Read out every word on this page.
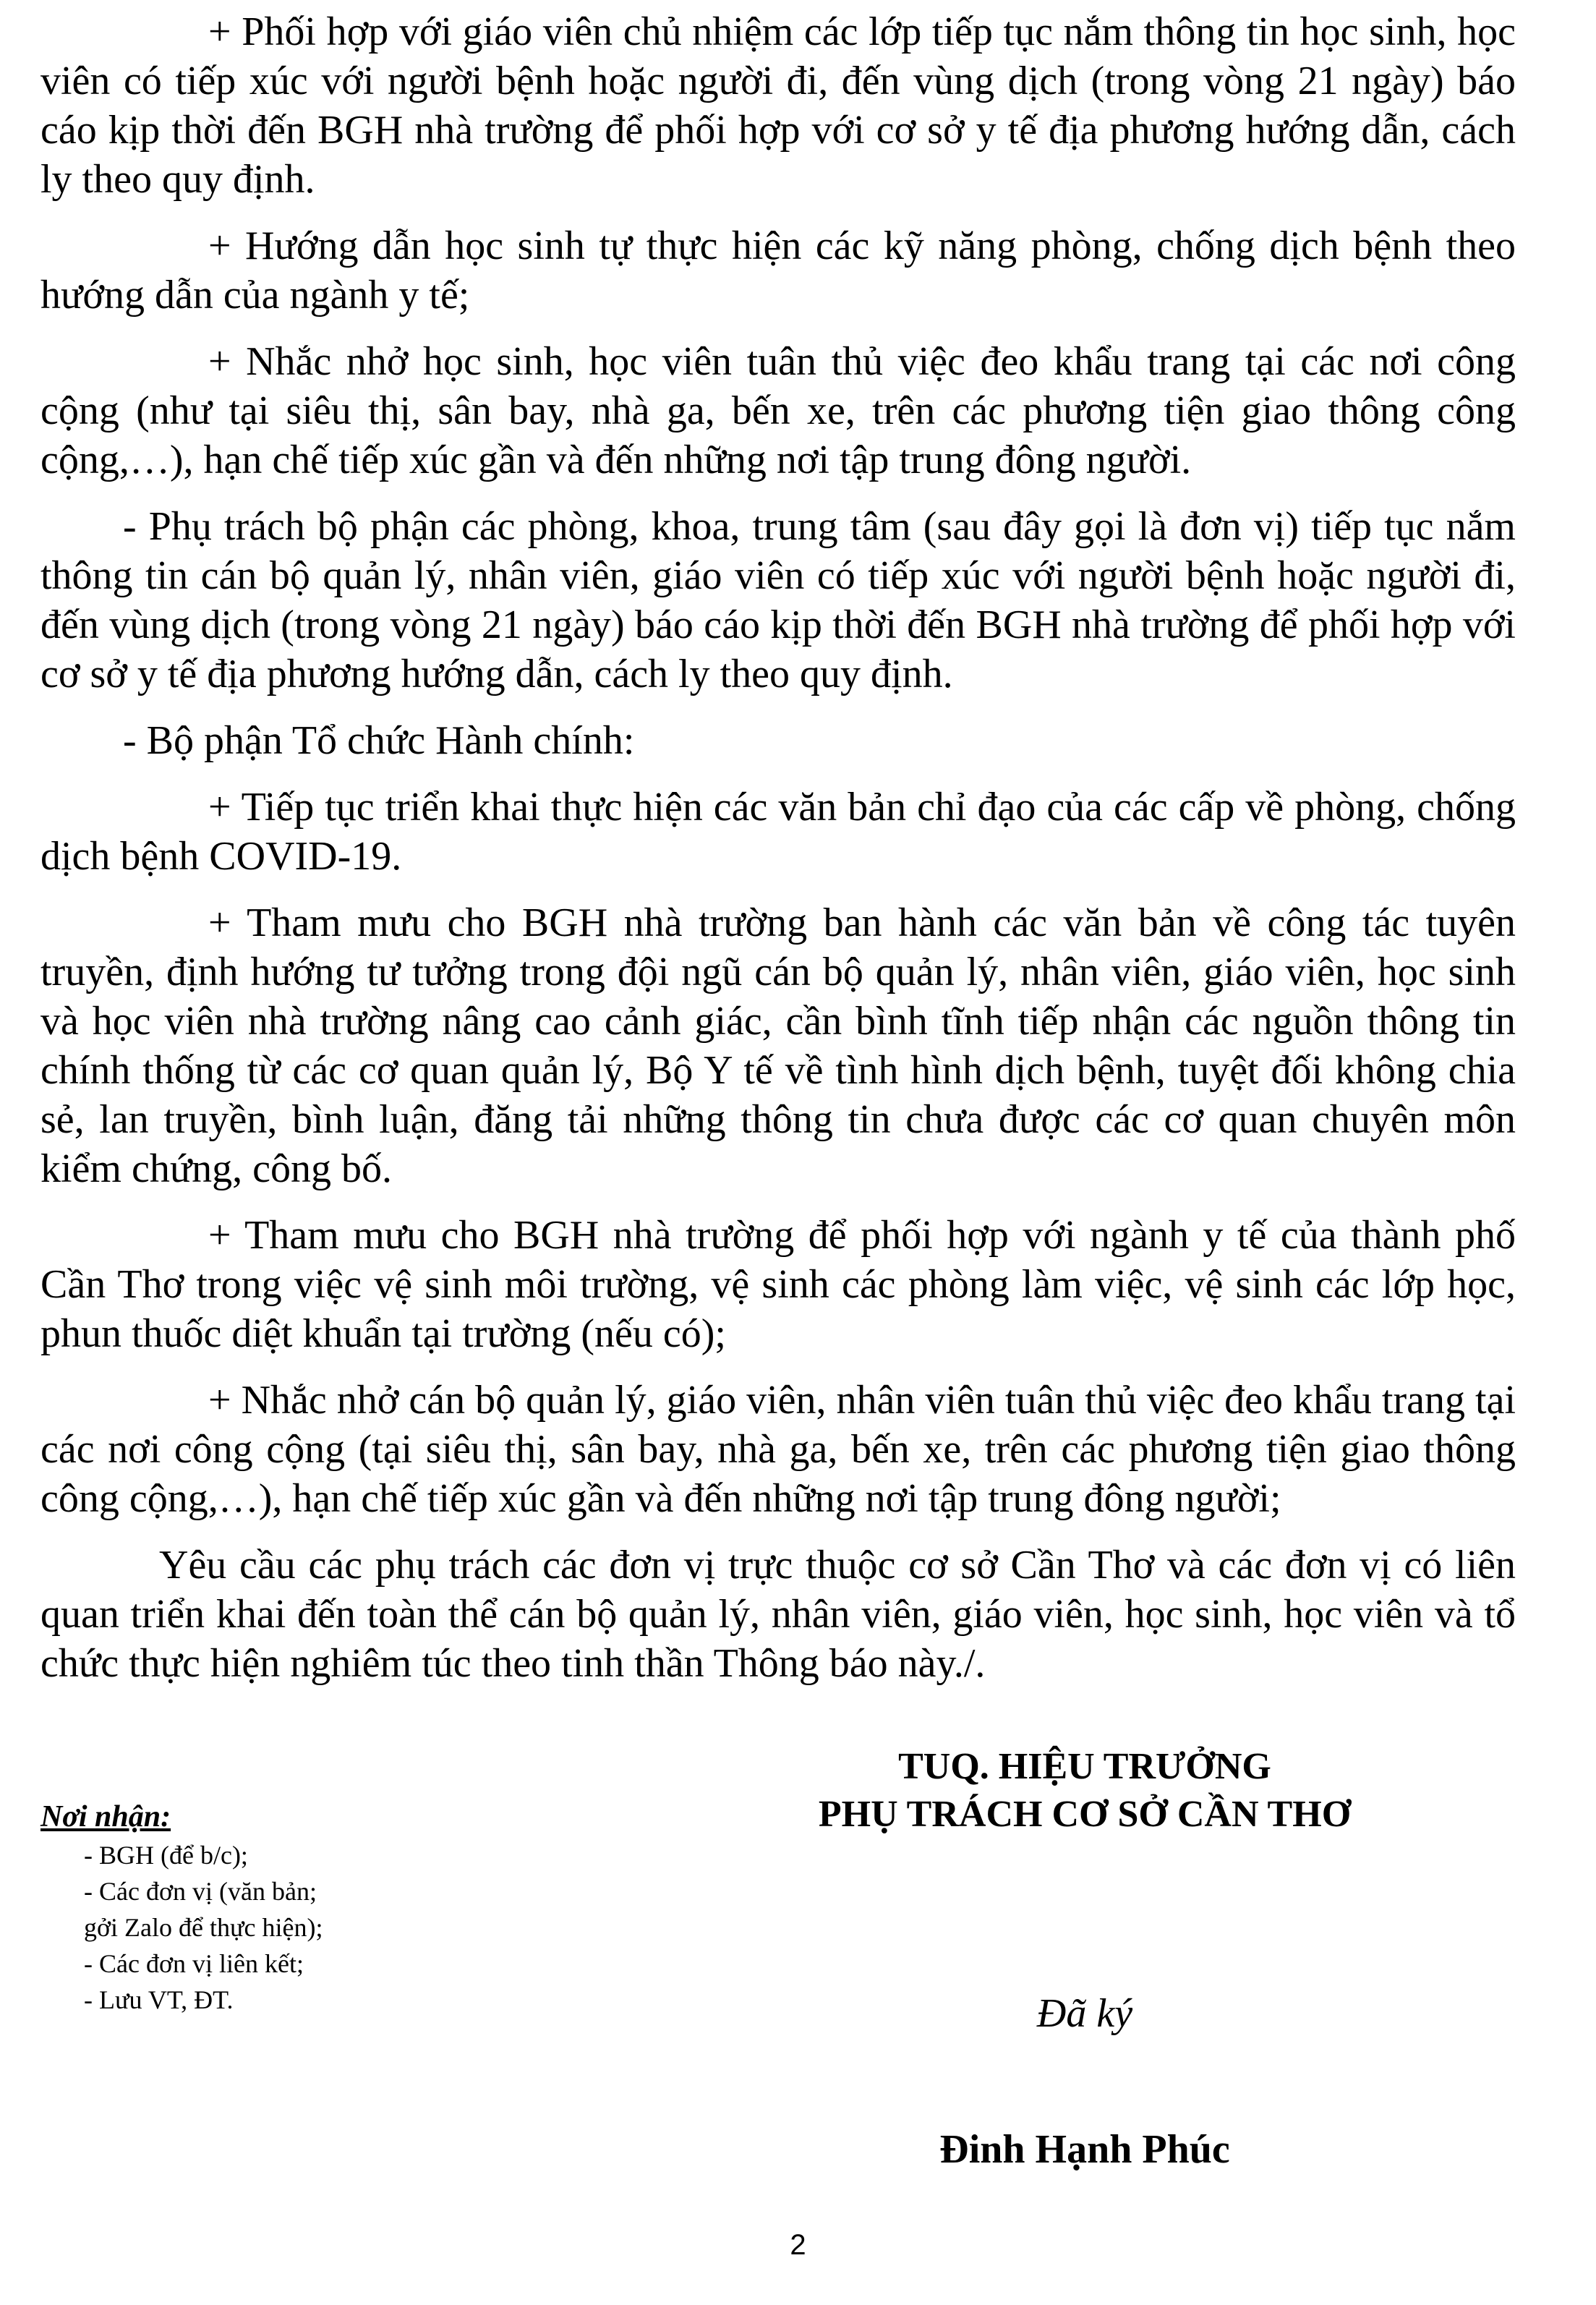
+ Phối hợp với giáo viên chủ nhiệm các lớp tiếp tục nắm thông tin học sinh, học viên có tiếp xúc với người bệnh hoặc người đi, đến vùng dịch (trong vòng 21 ngày) báo cáo kịp thời đến BGH nhà trường để phối hợp với cơ sở y tế địa phương hướng dẫn, cách ly theo quy định.

+ Hướng dẫn học sinh tự thực hiện các kỹ năng phòng, chống dịch bệnh theo hướng dẫn của ngành y tế;

+ Nhắc nhở học sinh, học viên tuân thủ việc đeo khẩu trang tại các nơi công cộng (như tại siêu thị, sân bay, nhà ga, bến xe, trên các phương tiện giao thông công cộng,…), hạn chế tiếp xúc gần và đến những nơi tập trung đông người.

- Phụ trách bộ phận các phòng, khoa, trung tâm (sau đây gọi là đơn vị) tiếp tục nắm thông tin cán bộ quản lý, nhân viên, giáo viên có tiếp xúc với người bệnh hoặc người đi, đến vùng dịch (trong vòng 21 ngày) báo cáo kịp thời đến BGH nhà trường để phối hợp với cơ sở y tế địa phương hướng dẫn, cách ly theo quy định.

- Bộ phận Tổ chức Hành chính:

+ Tiếp tục triển khai thực hiện các văn bản chỉ đạo của các cấp về phòng, chống dịch bệnh COVID-19.

+ Tham mưu cho BGH nhà trường ban hành các văn bản về công tác tuyên truyền, định hướng tư tưởng trong đội ngũ cán bộ quản lý, nhân viên, giáo viên, học sinh và học viên nhà trường nâng cao cảnh giác, cần bình tĩnh tiếp nhận các nguồn thông tin chính thống từ các cơ quan quản lý, Bộ Y tế về tình hình dịch bệnh, tuyệt đối không chia sẻ, lan truyền, bình luận, đăng tải những thông tin chưa được các cơ quan chuyên môn kiểm chứng, công bố.

+ Tham mưu cho BGH nhà trường để phối hợp với ngành y tế của thành phố Cần Thơ trong việc vệ sinh môi trường, vệ sinh các phòng làm việc, vệ sinh các lớp học, phun thuốc diệt khuẩn tại trường (nếu có);

+ Nhắc nhở cán bộ quản lý, giáo viên, nhân viên tuân thủ việc đeo khẩu trang tại các nơi công cộng (tại siêu thị, sân bay, nhà ga, bến xe, trên các phương tiện giao thông công cộng,…), hạn chế tiếp xúc gần và đến những nơi tập trung đông người;

Yêu cầu các phụ trách các đơn vị trực thuộc cơ sở Cần Thơ và các đơn vị có liên quan triển khai đến toàn thể cán bộ quản lý, nhân viên, giáo viên, học sinh, học viên và tổ chức thực hiện nghiêm túc theo tinh thần Thông báo này./.

Nơi nhận:
- BGH (để b/c);
- Các đơn vị (văn bản;
gởi Zalo để thực hiện);
- Các đơn vị liên kết;
- Lưu VT, ĐT.
TUQ. HIỆU TRƯỞNG
PHỤ TRÁCH CƠ SỞ CẦN THƠ
Đã ký
Đinh Hạnh Phúc
2
